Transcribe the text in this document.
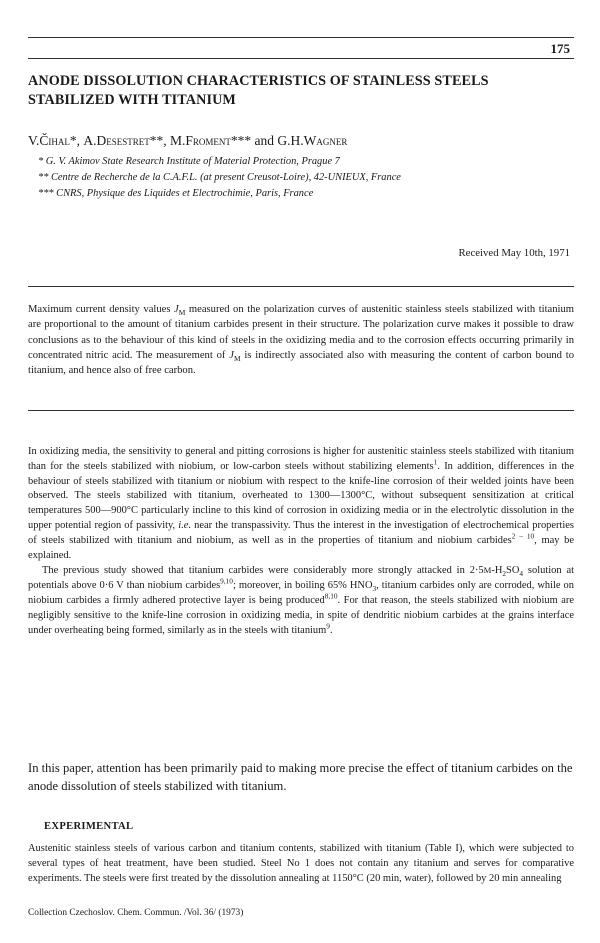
175
ANODE DISSOLUTION CHARACTERISTICS OF STAINLESS STEELS STABILIZED WITH TITANIUM
V.Čihal*, A.Desestret**, M.Froment*** and G.H.Wagner
* G. V. Akimov State Research Institute of Material Protection, Prague 7
** Centre de Recherche de la C.A.F.L. (at present Creusot-Loire), 42-UNIEUX, France
*** CNRS, Physique des Liquides et Electrochimie, Paris, France
Received May 10th, 1971
Maximum current density values $J_M$ measured on the polarization curves of austenitic stainless steels stabilized with titanium are proportional to the amount of titanium carbides present in their structure. The polarization curve makes it possible to draw conclusions as to the behaviour of this kind of steels in the oxidizing media and to the corrosion effects occurring primarily in concentrated nitric acid. The measurement of $J_M$ is indirectly associated also with measuring the content of carbon bound to titanium, and hence also of free carbon.

In oxidizing media, the sensitivity to general and pitting corrosions is higher for austenitic stainless steels stabilized with titanium than for the steels stabilized with niobium, or low-carbon steels without stabilizing elements$^1$. In addition, differences in the behaviour of steels stabilized with titanium or niobium with respect to the knife-line corrosion of their welded joints have been observed. The steels stabilized with titanium, overheated to 1300—1300°C, without subsequent sensitization at critical temperatures 500—900°C particularly incline to this kind of corrosion in oxidizing media or in the electrolytic dissolution in the upper potential region of passivity, i.e. near the transpassivity. Thus the interest in the investigation of electrochemical properties of steels stabilized with titanium and niobium, as well as in the properties of titanium and niobium carbides$^{2 - 10}$, may be explained.

The previous study showed that titanium carbides were considerably more strongly attacked in $2\cdot 5M-H_2SO_4$ solution at potentials above 0·6 V than niobium carbides$^{9,10}$; moreover, in boiling 65% $HNO_3$, titanium carbides only are corroded, while on niobium carbides a firmly adhered protective layer is being produced$^{8,10}$. For that reason, the steels stabilized with niobium are negligibly sensitive to the knife-line corrosion in oxidizing media, in spite of dendritic niobium carbides at the grains interface under overheating being formed, similarly as in the steels with titanium$^9$.

In this paper, attention has been primarily paid to making more precise the effect of titanium carbides on the anode dissolution of steels stabilized with titanium.
EXPERIMENTAL
Austenitic stainless steels of various carbon and titanium contents, stabilized with titanium (Table I), which were subjected to several types of heat treatment, have been studied. Steel No 1 does not contain any titanium and serves for comparative experiments. The steels were first treated by the dissolution annealing at 1150°C (20 min, water), followed by 20 min annealing
Collection Czechoslov. Chem. Commun. /Vol. 36/ (1973)
